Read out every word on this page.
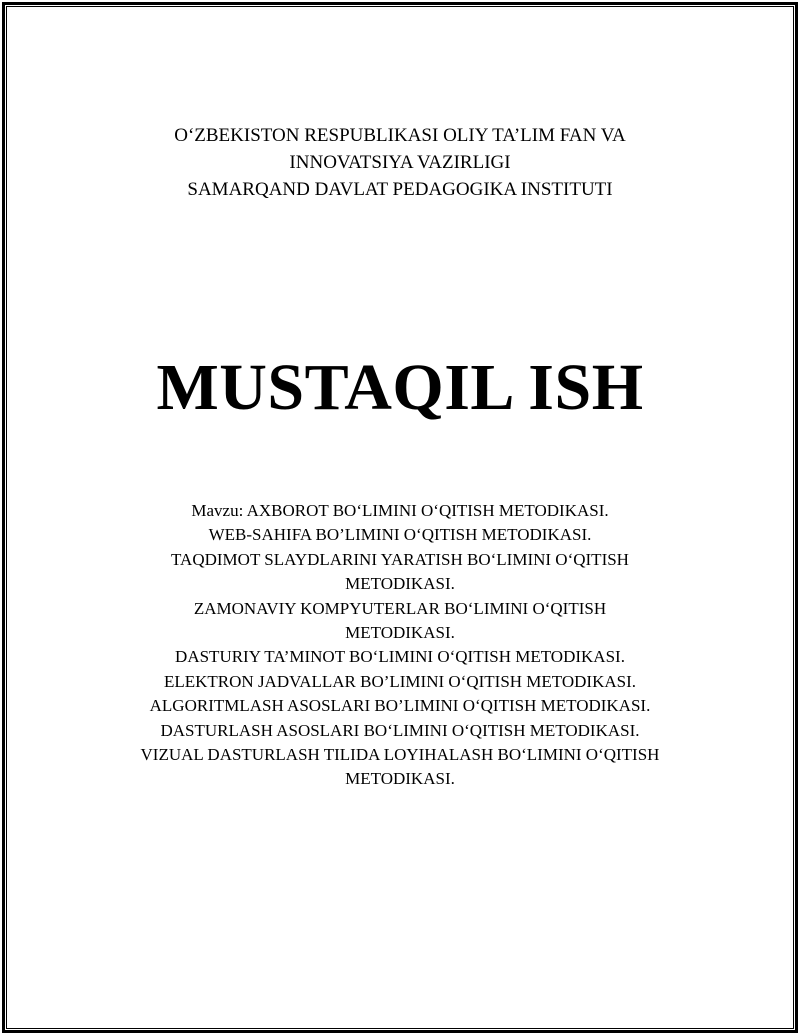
O‘ZBEKISTON RESPUBLIKASI OLIY TA’LIM FAN VA
INNOVATSIYA VAZIRLIGI
SAMARQAND DAVLAT PEDAGOGIKA INSTITUTI
MUSTAQIL ISH
Mavzu: AXBOROT BO‘LIMINI O‘QITISH METODIKASI.
WEB-SAHIFA BO’LIMINI O‘QITISH METODIKASI.
TAQDIMOT SLAYDLARINI YARATISH BO‘LIMINI O‘QITISH
METODIKASI.
ZAMONAVIY KOMPYUTERLAR BO‘LIMINI O‘QITISH
METODIKASI.
DASTURIY TA’MINOT BO‘LIMINI O‘QITISH METODIKASI.
ELEKTRON JADVALLAR BO’LIMINI O‘QITISH METODIKASI.
ALGORITMLASH ASOSLARI BO’LIMINI O‘QITISH METODIKASI.
DASTURLASH ASOSLARI BO‘LIMINI O‘QITISH METODIKASI.
VIZUAL DASTURLASH TILIDA LOYIHALASH BO‘LIMINI O‘QITISH
METODIKASI.
